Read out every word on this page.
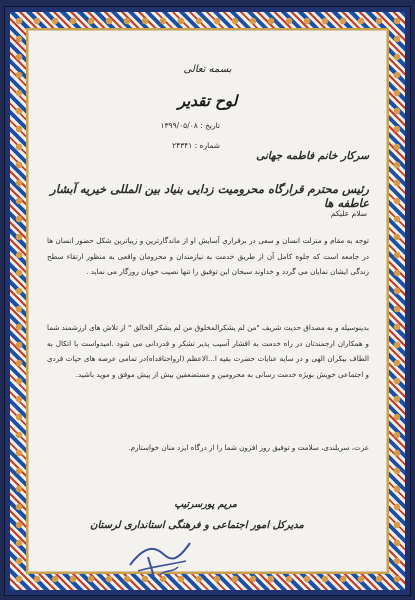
بسمه تعالی
لوح تقدیر
تاریخ : ۱۳۹۹/۰۵/۰۸
شماره : ۲۴۳۴۱
سرکار خانم فاطمه جهانی
رئیس محترم قرارگاه محرومیت زدایی بنیاد بین المللی خیریه آبشار عاطفه ها
سلام علیکم
توجه به مقام و منزلت انسان و سعی در برقراری آسایش او از ماندگارترین و زیباترین شکل حضور انسان ها در جامعه است که جلوه کامل آن از طریق خدمت به نیازمندان و محرومان واقعی به منظور ارتقاء سطح زندگی ایشان نمایان می گردد و خداوند سبحان این توفیق را تنها نصیب خوبان روزگار می نماید .
بدینوسیله و به مصداق حدیث شریف "من لم یشکرالمخلوق من لم یشکر الخالق " از تلاش های ارزشمند شما و همکاران ارجمندتان در راه خدمت به اقشار آسیب پذیر تشکر و قدردانی می شود .امیدواست با اتکال به الطاف بیکران الهی و در سایه عنایات حضرت بقیه ا...الاعظم (ارواحنافداه)در تمامی عرصه های حیات فردی و اجتماعی خویش بویژه خدمت رسانی به محرومین و مستضعفین بیش از پیش موفق و موید باشید.
عزت، سربلندی، سلامت و توفیق روز افزون شما را از درگاه ایزد منان خواستارم.
مریم پورسرتیپ
مدیرکل امور اجتماعی و فرهنگی استانداری لرستان
...
